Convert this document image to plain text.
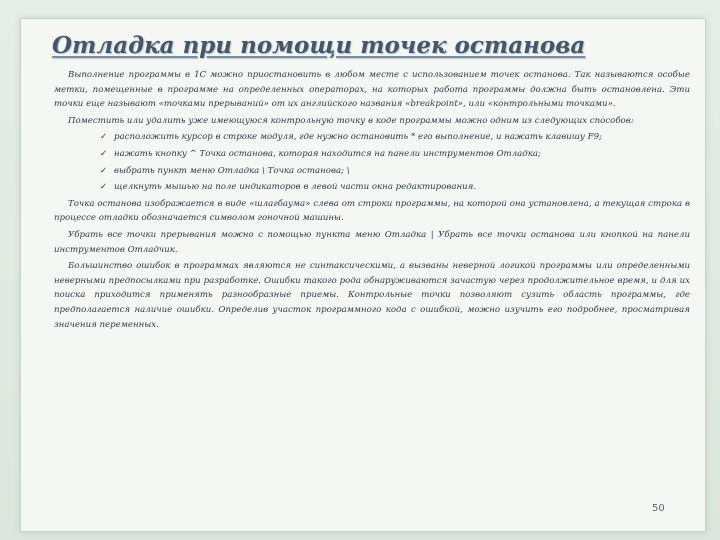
Отладка при помощи точек останова

Выполнение программы в 1С можно приостановить в любом месте с использованием точек останова. Так называются особые метки, помещенные в программе на определенных операторах, на которых работа программы должна быть остановлена. Эти точки еще называют «точками прерываний» от их английского названия «breakpoint», или «контрольными точками».

Поместить или удалить уже имеющуюся контрольную точку в коде программы можно одним из следующих способов:

✓ расположить курсор в строке модуля, где нужно остановить * его выполнение, и нажать клавишу F9;
✓ нажать кнопку ^ Точка останова, которая находится на панели инструментов Отладка;
✓ выбрать пункт меню Отладка \ Точка останова; \
✓ щелкнуть мышью на поле индикаторов в левой части окна редактирования.

Точка останова изображается в виде «шлагбаума» слева от строки программы, на которой она установлена, а текущая строка в процессе отладки обозначается символом гоночной машины.

Убрать все точки прерывания можно с помощью пункта меню Отладка | Убрать все точки останова или кнопкой на панели инструментов Отладчик.

Большинство ошибок в программах являются не синтаксическими, а вызваны неверной логикой программы или определенными неверными предпосылками при разработке. Ошибки такого рода обнаруживаются зачастую через продолжительное время, и для их поиска приходится применять разнообразные приемы. Контрольные точки позволяют сузить область программы, где предполагается наличие ошибки. Определив участок программного кода с ошибкой, можно изучить его подробнее, просматривая значения переменных.

50
